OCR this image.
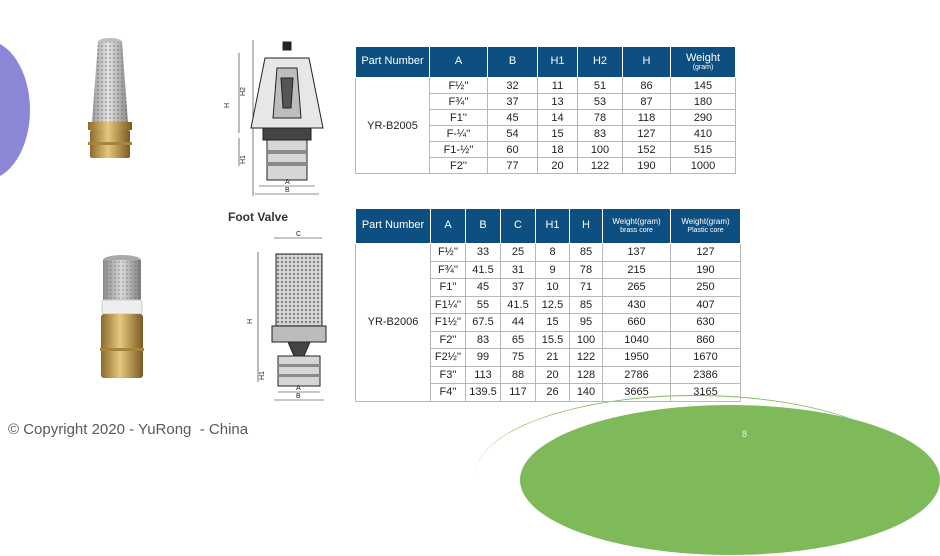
8
H
H2
H1
A
B
Foot Valve
C
H
H1
A
B
Part Number	A	B	H1	H2	H	Weight
(gram)

YR-B2005	F½''	32	11	51	86	145
	F¾''	37	13	53	87	180
	F1''	45	14	78	118	290
	F-¼''	54	15	83	127	410
	F1-½''	60	18	100	152	515
	F2''	77	20	122	190	1000
Part Number	A	B	C	H1	H	Weight(gram)
brass core	Weight(gram)
Plastic core

YR-B2006	F½''	33	25	8	85	137	127
	F¾''	41.5	31	9	78	215	190
	F1''	45	37	10	71	265	250
	F1¼''	55	41.5	12.5	85	430	407
	F1½''	67.5	44	15	95	660	630
	F2''	83	65	15.5	100	1040	860
	F2½''	99	75	21	122	1950	1670
	F3''	113	88	20	128	2786	2386
	F4''	139.5	117	26	140	3665	3165
© Copyright 2020 - YuRong  - China
